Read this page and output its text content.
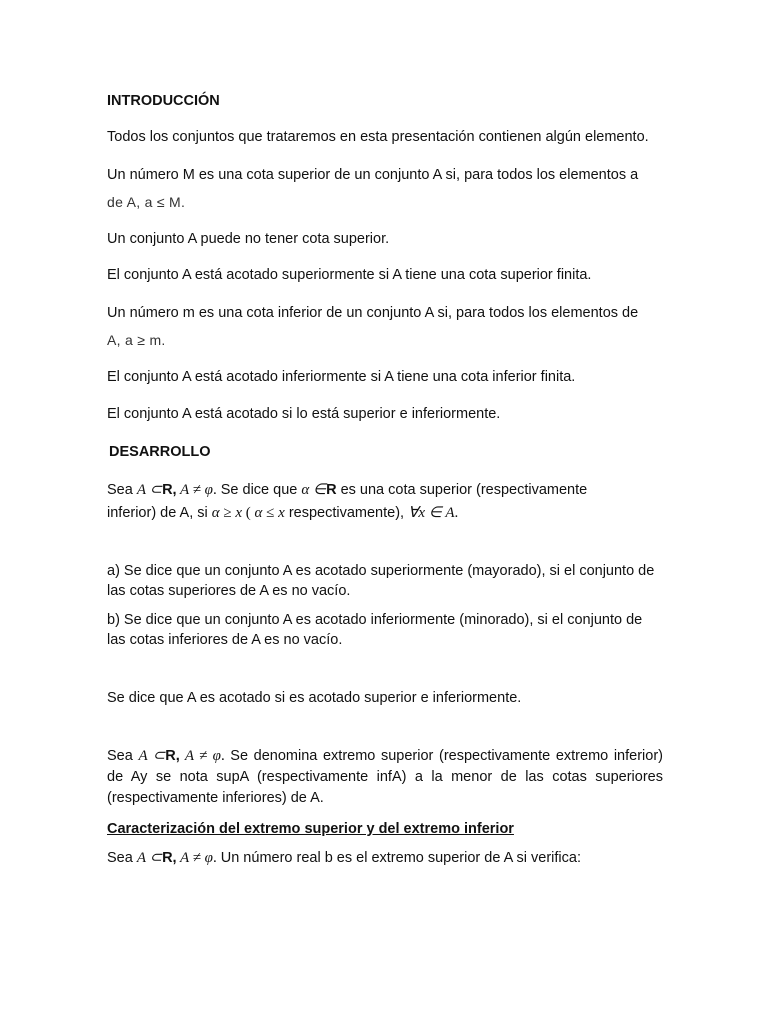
INTRODUCCIÓN
Todos los conjuntos que trataremos en esta presentación contienen algún elemento.
Un número M es una cota superior de un conjunto A si, para todos los elementos a
de A, a ≤ M.
Un conjunto A puede no tener cota superior.
El conjunto A está acotado superiormente si A tiene una cota superior finita.
Un número m es una cota inferior de un conjunto A si, para todos los elementos de
A, a ≥ m.
El conjunto A está acotado inferiormente si A tiene una cota inferior finita.
El conjunto A está acotado si lo está superior e inferiormente.
DESARROLLO
Sea A ⊂R, A ≠ φ. Se dice que α ∈R es una cota superior (respectivamente
inferior) de A, si α ≥ x ( α ≤ x respectivamente), ∀x ∈ A.
a) Se dice que un conjunto A es acotado superiormente (mayorado), si el conjunto de las cotas superiores de A es no vacío.
b) Se dice que un conjunto A es acotado inferiormente (minorado), si el conjunto de las cotas inferiores de A es no vacío.
Se dice que A es acotado si es acotado superior e inferiormente.
Sea A ⊂R, A ≠ φ. Se denomina extremo superior (respectivamente extremo inferior) de Ay se nota supA (respectivamente infA) a la menor de las cotas superiores (respectivamente inferiores) de A.
Caracterización del extremo superior y del extremo inferior
Sea A ⊂R, A ≠ φ. Un número real b es el extremo superior de A si verifica:
